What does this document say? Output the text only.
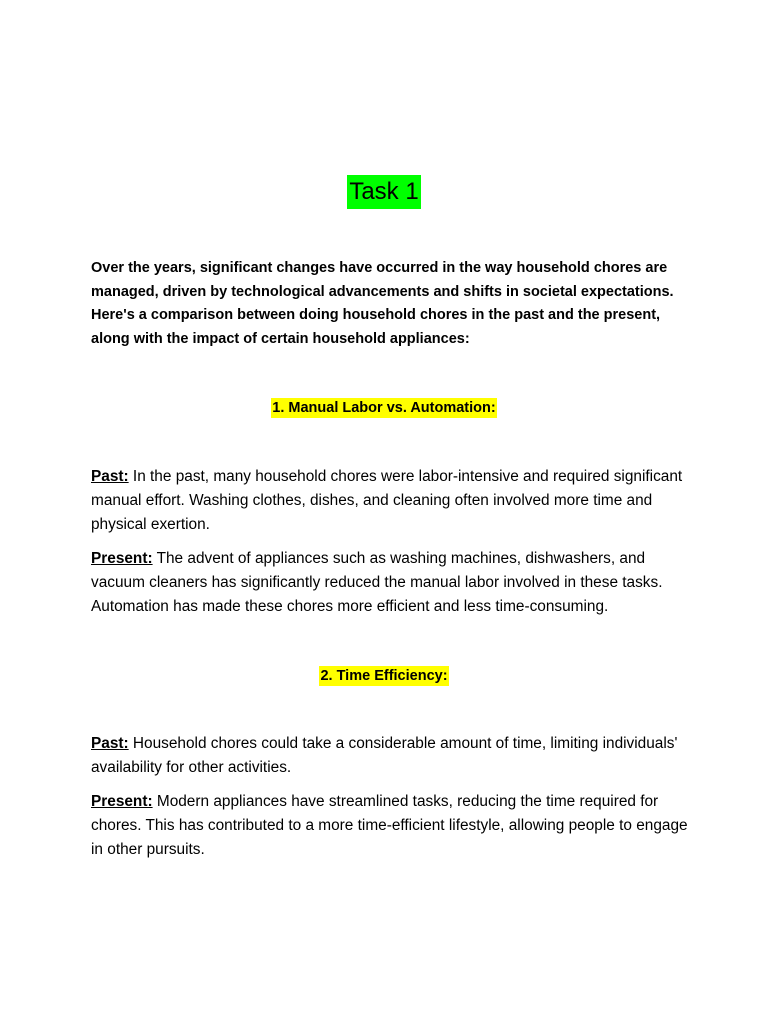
Task 1

Over the years, significant changes have occurred in the way household chores are managed, driven by technological advancements and shifts in societal expectations. Here's a comparison between doing household chores in the past and the present, along with the impact of certain household appliances:

1. Manual Labor vs. Automation:

Past: In the past, many household chores were labor-intensive and required significant manual effort. Washing clothes, dishes, and cleaning often involved more time and physical exertion.

Present: The advent of appliances such as washing machines, dishwashers, and vacuum cleaners has significantly reduced the manual labor involved in these tasks. Automation has made these chores more efficient and less time-consuming.

2. Time Efficiency:

Past: Household chores could take a considerable amount of time, limiting individuals' availability for other activities.

Present: Modern appliances have streamlined tasks, reducing the time required for chores. This has contributed to a more time-efficient lifestyle, allowing people to engage in other pursuits.
